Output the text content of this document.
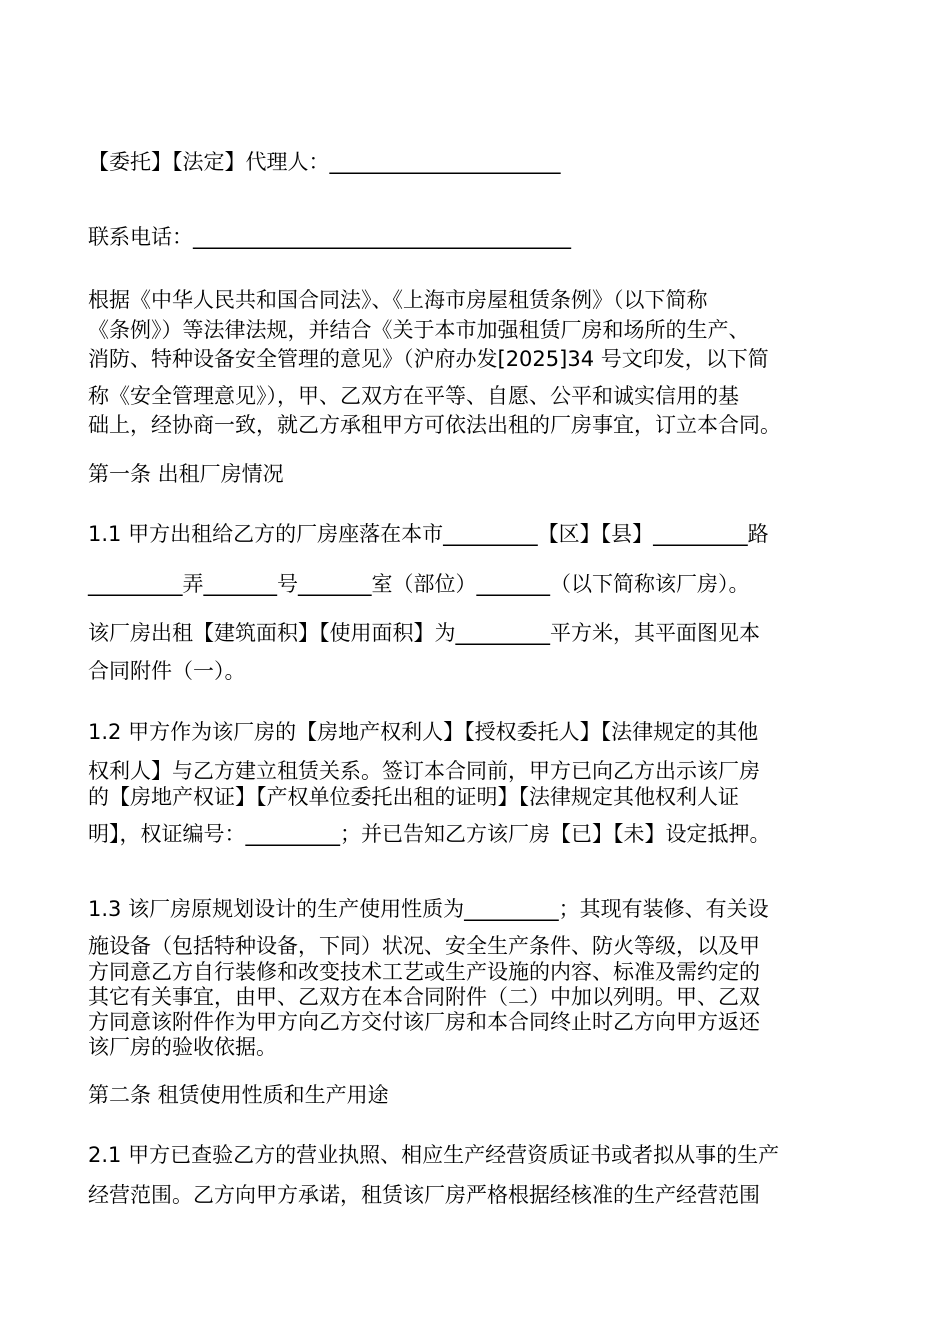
【委托】【法定】代理人：______________________

联系电话：____________________________________

根据《中华人民共和国合同法》、《上海市房屋租赁条例》（以下简称

《条例》）等法律法规，并结合《关于本市加强租赁厂房和场所的生产、

消防、特种设备安全管理的意见》（沪府办发[2025]34 号文印发，以下简

称《安全管理意见》），甲、乙双方在平等、自愿、公平和诚实信用的基

础上，经协商一致，就乙方承租甲方可依法出租的厂房事宜，订立本合同。

第一条 出租厂房情况

1.1 甲方出租给乙方的厂房座落在本市_________【区】【县】_________路

_________弄_______号_______室（部位）_______（以下简称该厂房）。

该厂房出租【建筑面积】【使用面积】为_________平方米，其平面图见本

合同附件（一）。

1.2 甲方作为该厂房的【房地产权利人】【授权委托人】【法律规定的其他

权利人】与乙方建立租赁关系。签订本合同前，甲方已向乙方出示该厂房

的【房地产权证】【产权单位委托出租的证明】【法律规定其他权利人证

明】，权证编号：_________；并已告知乙方该厂房【已】【未】设定抵押。

1.3 该厂房原规划设计的生产使用性质为_________；其现有装修、有关设

施设备（包括特种设备，下同）状况、安全生产条件、防火等级，以及甲

方同意乙方自行装修和改变技术工艺或生产设施的内容、标准及需约定的

其它有关事宜，由甲、乙双方在本合同附件（二）中加以列明。甲、乙双

方同意该附件作为甲方向乙方交付该厂房和本合同终止时乙方向甲方返还

该厂房的验收依据。

第二条 租赁使用性质和生产用途

2.1 甲方已查验乙方的营业执照、相应生产经营资质证书或者拟从事的生产

经营范围。乙方向甲方承诺，租赁该厂房严格根据经核准的生产经营范围
